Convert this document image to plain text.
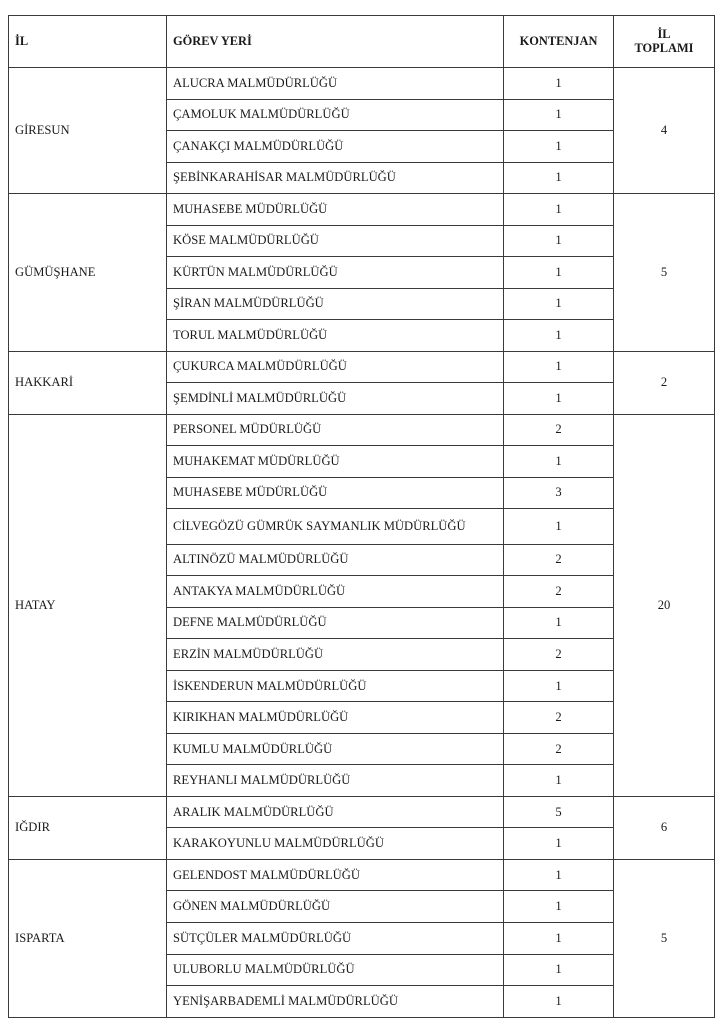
İL	GÖREV YERİ	KONTENJAN	İL
TOPLAMI
GİRESUN	ALUCRA MALMÜDÜRLÜĞÜ	1	4
	ÇAMOLUK MALMÜDÜRLÜĞÜ	1	
	ÇANAKÇI MALMÜDÜRLÜĞÜ	1	
	ŞEBİNKARAHİSAR MALMÜDÜRLÜĞÜ	1	
GÜMÜŞHANE	MUHASEBE MÜDÜRLÜĞÜ	1	5
	KÖSE MALMÜDÜRLÜĞÜ	1	
	KÜRTÜN MALMÜDÜRLÜĞÜ	1	
	ŞİRAN MALMÜDÜRLÜĞÜ	1	
	TORUL MALMÜDÜRLÜĞÜ	1	
HAKKARİ	ÇUKURCA MALMÜDÜRLÜĞÜ	1	2
	ŞEMDİNLİ MALMÜDÜRLÜĞÜ	1	
HATAY	PERSONEL MÜDÜRLÜĞÜ	2	20
	MUHAKEMAT MÜDÜRLÜĞÜ	1	
	MUHASEBE MÜDÜRLÜĞÜ	3	
	CİLVEGÖZÜ GÜMRÜK SAYMANLIK MÜDÜRLÜĞÜ	1	
	ALTINÖZÜ MALMÜDÜRLÜĞÜ	2	
	ANTAKYA MALMÜDÜRLÜĞÜ	2	
	DEFNE MALMÜDÜRLÜĞÜ	1	
	ERZİN MALMÜDÜRLÜĞÜ	2	
	İSKENDERUN MALMÜDÜRLÜĞÜ	1	
	KIRIKHAN MALMÜDÜRLÜĞÜ	2	
	KUMLU MALMÜDÜRLÜĞÜ	2	
	REYHANLI MALMÜDÜRLÜĞÜ	1	
IĞDIR	ARALIK MALMÜDÜRLÜĞÜ	5	6
	KARAKOYUNLU MALMÜDÜRLÜĞÜ	1	
ISPARTA	GELENDOST MALMÜDÜRLÜĞÜ	1	5
	GÖNEN MALMÜDÜRLÜĞÜ	1	
	SÜTÇÜLER MALMÜDÜRLÜĞÜ	1	
	ULUBORLU MALMÜDÜRLÜĞÜ	1	
	YENİŞARBADEMLİ MALMÜDÜRLÜĞÜ	1	
